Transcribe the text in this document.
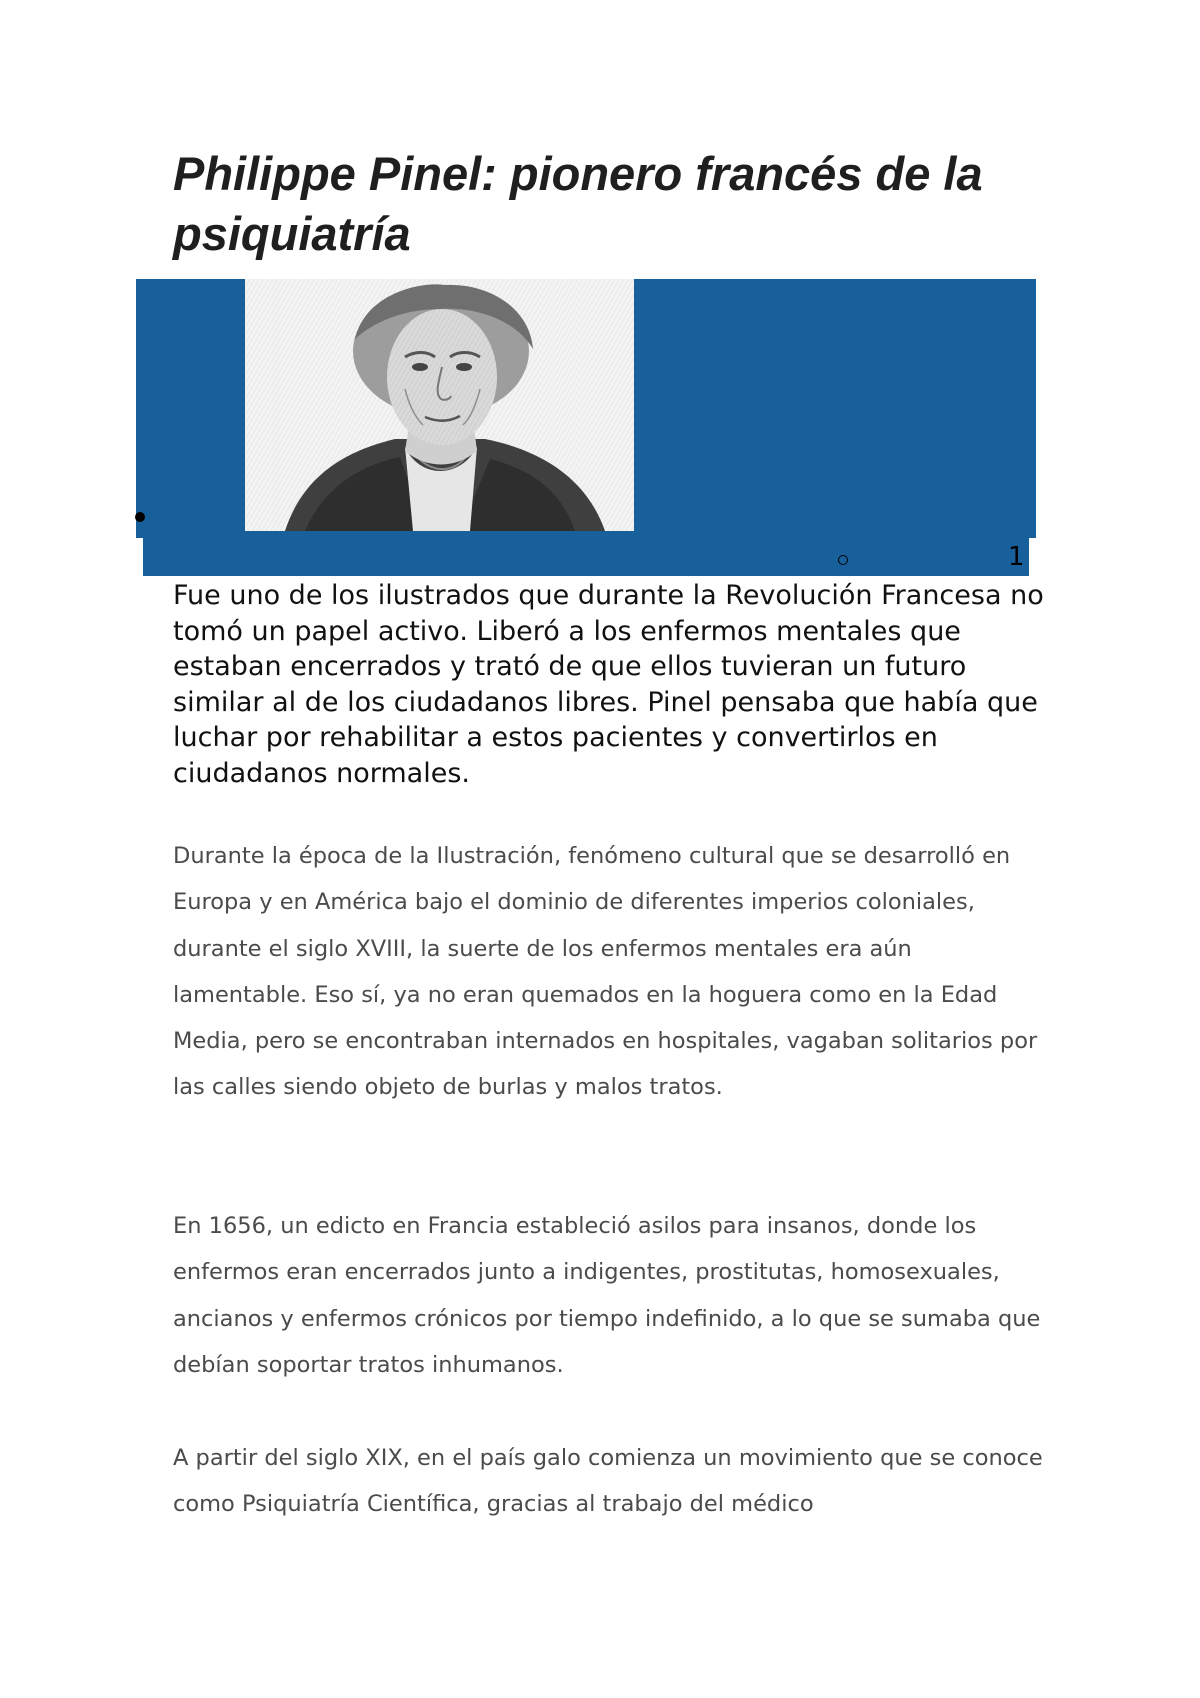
Philippe Pinel: pionero francés de la psiquiatría
1

Fue uno de los ilustrados que durante la Revolución Francesa no tomó un papel activo. Liberó a los enfermos mentales que estaban encerrados y trató de que ellos tuvieran un futuro similar al de los ciudadanos libres. Pinel pensaba que había que luchar por rehabilitar a estos pacientes y convertirlos en ciudadanos normales.

Durante la época de la Ilustración, fenómeno cultural que se desarrolló en Europa y en América bajo el dominio de diferentes imperios coloniales, durante el siglo XVIII, la suerte de los enfermos mentales era aún lamentable. Eso sí, ya no eran quemados en la hoguera como en la Edad Media, pero se encontraban internados en hospitales, vagaban solitarios por las calles siendo objeto de burlas y malos tratos.

En 1656, un edicto en Francia estableció asilos para insanos, donde los enfermos eran encerrados junto a indigentes, prostitutas, homosexuales, ancianos y enfermos crónicos por tiempo indefinido, a lo que se sumaba que debían soportar tratos inhumanos.

A partir del siglo XIX, en el país galo comienza un movimiento que se conoce como Psiquiatría Científica, gracias al trabajo del médico
